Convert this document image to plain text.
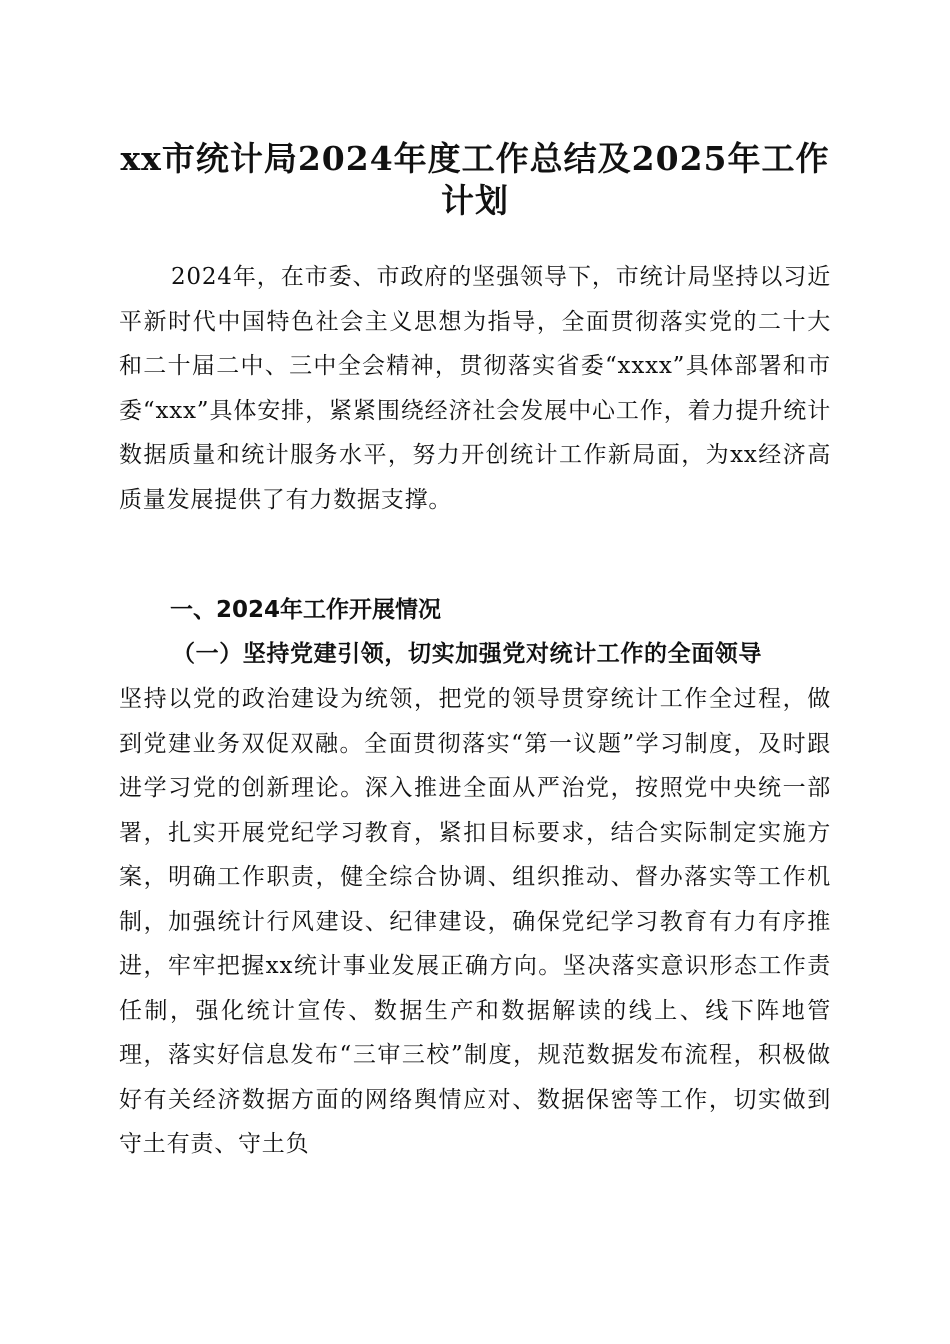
xx市统计局2024年度工作总结及2025年工作计划

2024年，在市委、市政府的坚强领导下，市统计局坚持以习近平新时代中国特色社会主义思想为指导，全面贯彻落实党的二十大和二十届二中、三中全会精神，贯彻落实省委“xxxx”具体部署和市委“xxx”具体安排，紧紧围绕经济社会发展中心工作，着力提升统计数据质量和统计服务水平，努力开创统计工作新局面，为xx经济高质量发展提供了有力数据支撑。

一、2024年工作开展情况
（一）坚持党建引领，切实加强党对统计工作的全面领导

坚持以党的政治建设为统领，把党的领导贯穿统计工作全过程，做到党建业务双促双融。全面贯彻落实“第一议题”学习制度，及时跟进学习党的创新理论。深入推进全面从严治党，按照党中央统一部署，扎实开展党纪学习教育，紧扣目标要求，结合实际制定实施方案，明确工作职责，健全综合协调、组织推动、督办落实等工作机制，加强统计行风建设、纪律建设，确保党纪学习教育有力有序推进，牢牢把握xx统计事业发展正确方向。坚决落实意识形态工作责任制，强化统计宣传、数据生产和数据解读的线上、线下阵地管理，落实好信息发布“三审三校”制度，规范数据发布流程，积极做好有关经济数据方面的网络舆情应对、数据保密等工作，切实做到守土有责、守土负
